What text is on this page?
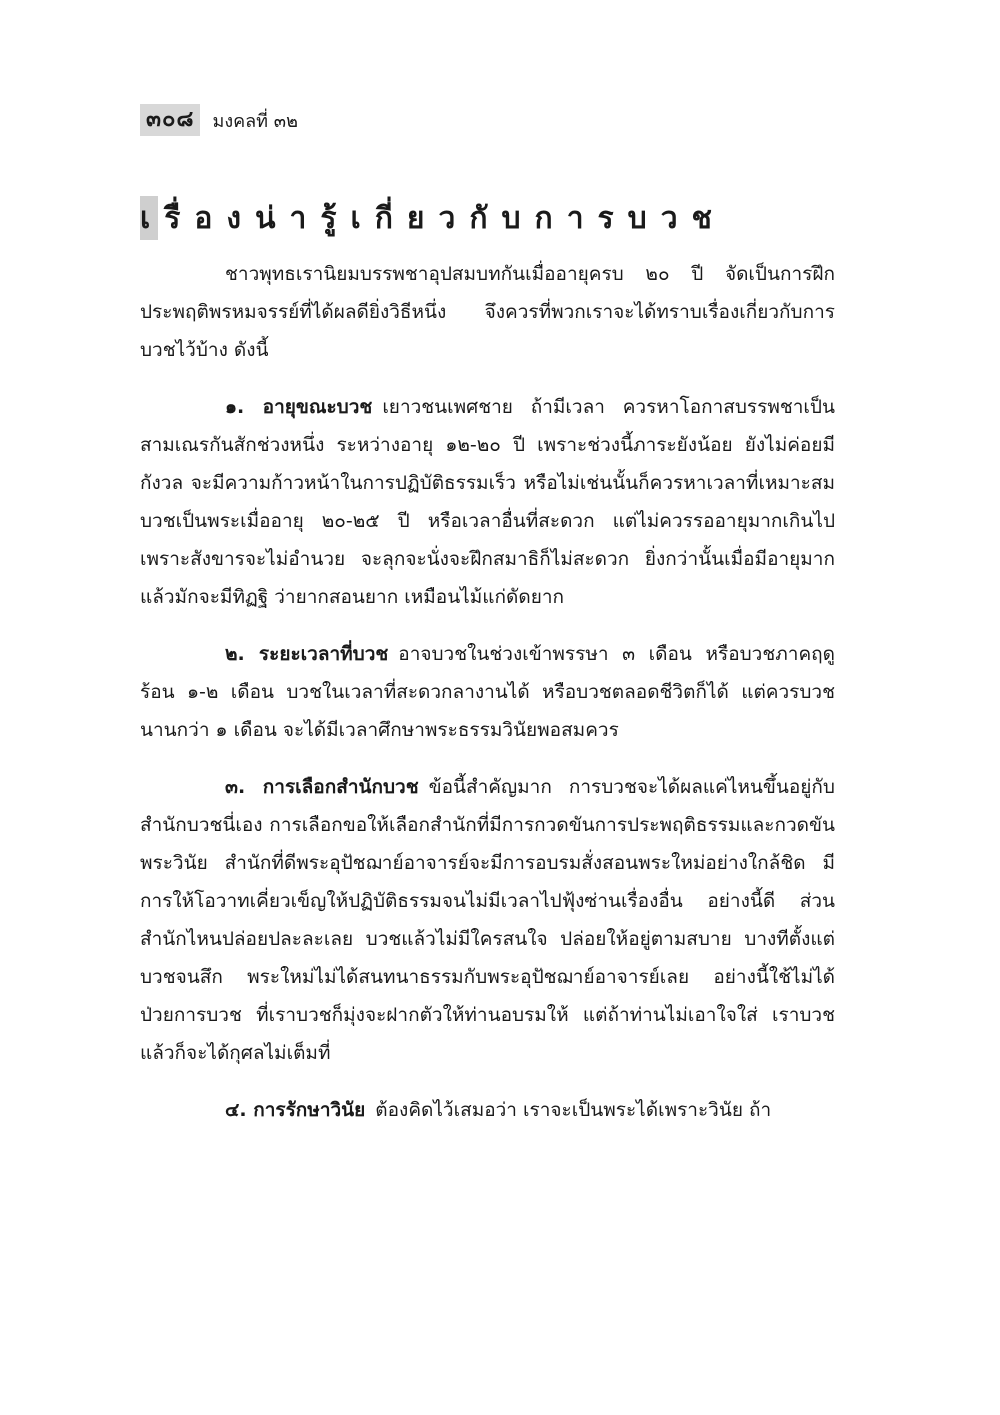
๓๐๘	มงคลที่ ๓๒
เรื่องน่ารู้เกี่ยวกับการบวช

ชาวพุทธเรานิยมบรรพชาอุปสมบทกันเมื่ออายุครบ ๒๐ ปี จัดเป็นการฝึกประพฤติพรหมจรรย์ที่ได้ผลดียิ่งวิธีหนึ่ง จึงควรที่พวกเราจะได้ทราบเรื่องเกี่ยวกับการบวชไว้บ้าง ดังนี้

๑. อายุขณะบวช เยาวชนเพศชาย ถ้ามีเวลา ควรหาโอกาสบรรพชาเป็นสามเณรกันสักช่วงหนึ่ง ระหว่างอายุ ๑๒-๒๐ ปี เพราะช่วงนี้ภาระยังน้อย ยังไม่ค่อยมีกังวล จะมีความก้าวหน้าในการปฏิบัติธรรมเร็ว หรือไม่เช่นนั้นก็ควรหาเวลาที่เหมาะสมบวชเป็นพระเมื่ออายุ ๒๐-๒๕ ปี หรือเวลาอื่นที่สะดวก แต่ไม่ควรรออายุมากเกินไป เพราะสังขารจะไม่อำนวย จะลุกจะนั่งจะฝึกสมาธิก็ไม่สะดวก ยิ่งกว่านั้นเมื่อมีอายุมากแล้วมักจะมีทิฏฐิ ว่ายากสอนยาก เหมือนไม้แก่ดัดยาก

๒. ระยะเวลาที่บวช อาจบวชในช่วงเข้าพรรษา ๓ เดือน หรือบวชภาคฤดูร้อน ๑-๒ เดือน บวชในเวลาที่สะดวกลางานได้ หรือบวชตลอดชีวิตก็ได้ แต่ควรบวชนานกว่า ๑ เดือน จะได้มีเวลาศึกษาพระธรรมวินัยพอสมควร

๓. การเลือกสำนักบวช ข้อนี้สำคัญมาก การบวชจะได้ผลแค่ไหนขึ้นอยู่กับสำนักบวชนี่เอง การเลือกขอให้เลือกสำนักที่มีการกวดขันการประพฤติธรรมและกวดขันพระวินัย สำนักที่ดีพระอุปัชฌาย์อาจารย์จะมีการอบรมสั่งสอนพระใหม่อย่างใกล้ชิด มีการให้โอวาทเคี่ยวเข็ญให้ปฏิบัติธรรมจนไม่มีเวลาไปฟุ้งซ่านเรื่องอื่น อย่างนี้ดี ส่วนสำนักไหนปล่อยปละละเลย บวชแล้วไม่มีใครสนใจ ปล่อยให้อยู่ตามสบาย บางทีตั้งแต่บวชจนสึก พระใหม่ไม่ได้สนทนาธรรมกับพระอุปัชฌาย์อาจารย์เลย อย่างนี้ใช้ไม่ได้ ป่วยการบวช ที่เราบวชก็มุ่งจะฝากตัวให้ท่านอบรมให้ แต่ถ้าท่านไม่เอาใจใส่ เราบวชแล้วก็จะได้กุศลไม่เต็มที่

๔. การรักษาวินัย ต้องคิดไว้เสมอว่า เราจะเป็นพระได้เพราะวินัย ถ้า
